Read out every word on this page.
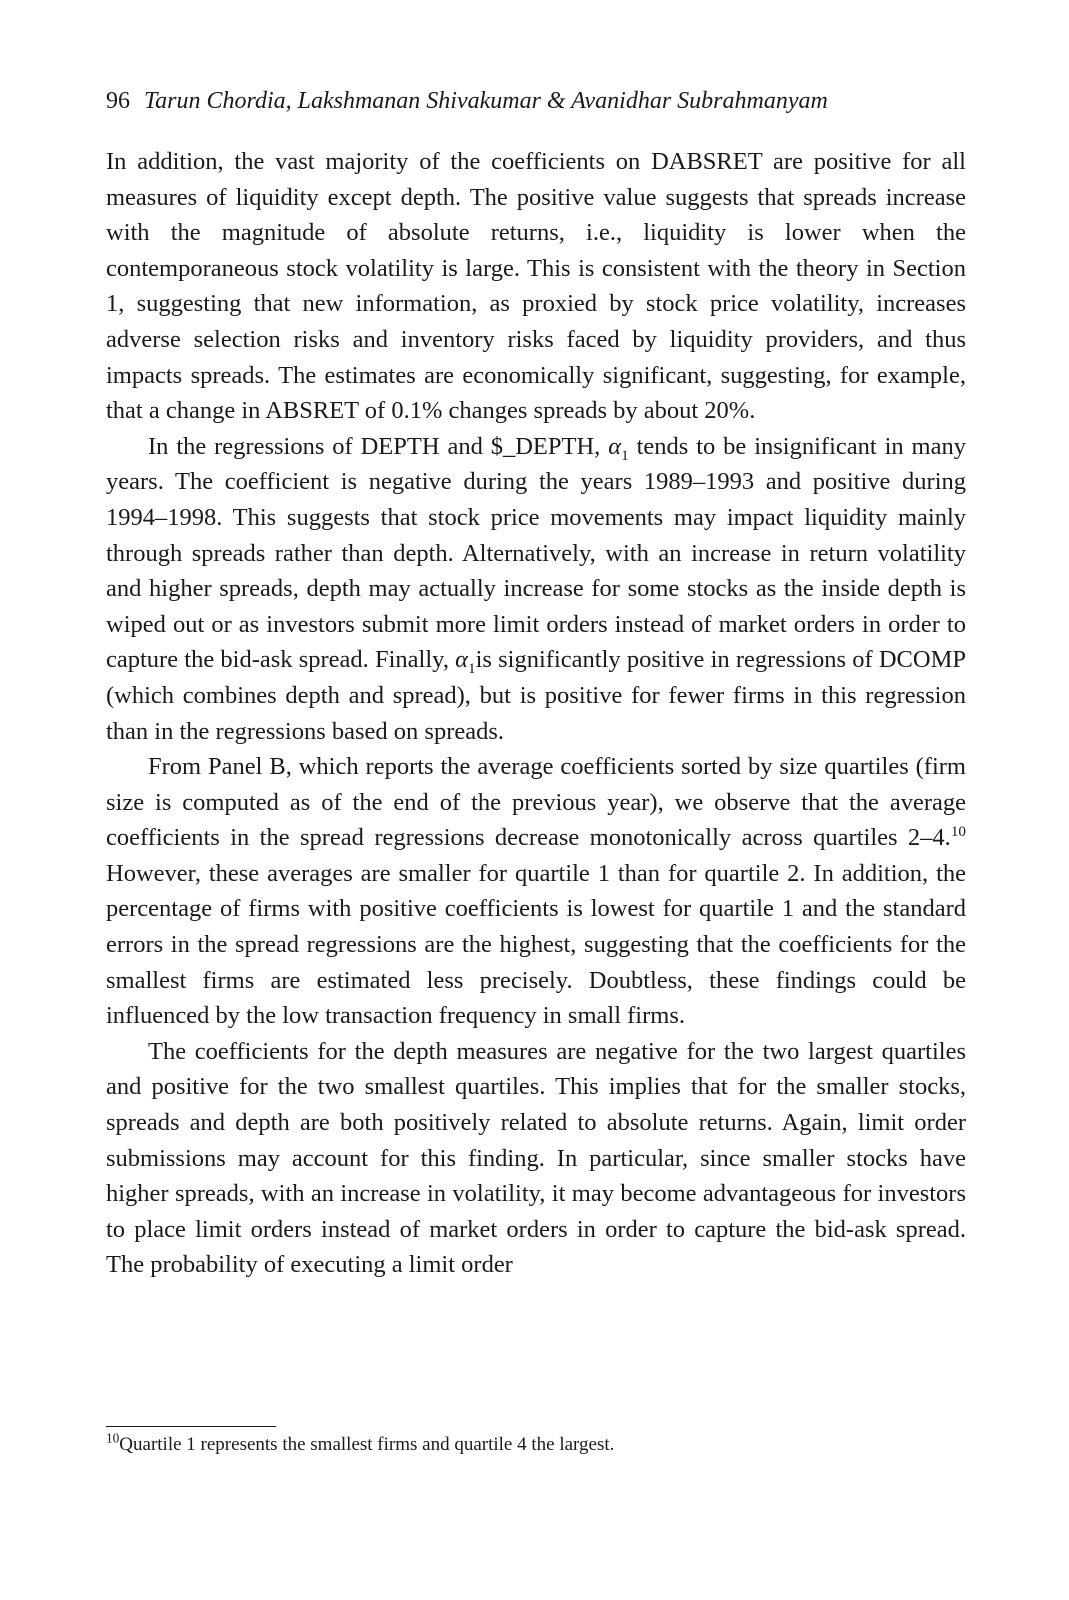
96 Tarun Chordia, Lakshmanan Shivakumar & Avanidhar Subrahmanyam

In addition, the vast majority of the coefficients on DABSRET are positive for all measures of liquidity except depth. The positive value suggests that spreads increase with the magnitude of absolute returns, i.e., liquidity is lower when the contemporaneous stock volatility is large. This is consistent with the theory in Section 1, suggesting that new information, as proxied by stock price volatility, increases adverse selection risks and inventory risks faced by liquidity providers, and thus impacts spreads. The estimates are economically significant, suggesting, for example, that a change in ABSRET of 0.1% changes spreads by about 20%.

In the regressions of DEPTH and $_DEPTH, $\alpha_1$ tends to be insignificant in many years. The coefficient is negative during the years 1989–1993 and positive during 1994–1998. This suggests that stock price movements may impact liquidity mainly through spreads rather than depth. Alternatively, with an increase in return volatility and higher spreads, depth may actually increase for some stocks as the inside depth is wiped out or as investors submit more limit orders instead of market orders in order to capture the bid-ask spread. Finally, $\alpha_1is$ significantly positive in regressions of DCOMP (which combines depth and spread), but is positive for fewer firms in this regression than in the regressions based on spreads.

From Panel B, which reports the average coefficients sorted by size quartiles (firm size is computed as of the end of the previous year), we observe that the average coefficients in the spread regressions decrease monotonically across quartiles 2–4.10 However, these averages are smaller for quartile 1 than for quartile 2. In addition, the percentage of firms with positive coefficients is lowest for quartile 1 and the standard errors in the spread regressions are the highest, suggesting that the coefficients for the smallest firms are estimated less precisely. Doubtless, these findings could be influenced by the low transaction frequency in small firms.

The coefficients for the depth measures are negative for the two largest quartiles and positive for the two smallest quartiles. This implies that for the smaller stocks, spreads and depth are both positively related to absolute returns. Again, limit order submissions may account for this finding. In particular, since smaller stocks have higher spreads, with an increase in volatility, it may become advantageous for investors to place limit orders instead of market orders in order to capture the bid-ask spread. The probability of executing a limit order

$^{10}$Quartile 1 represents the smallest firms and quartile 4 the largest.
